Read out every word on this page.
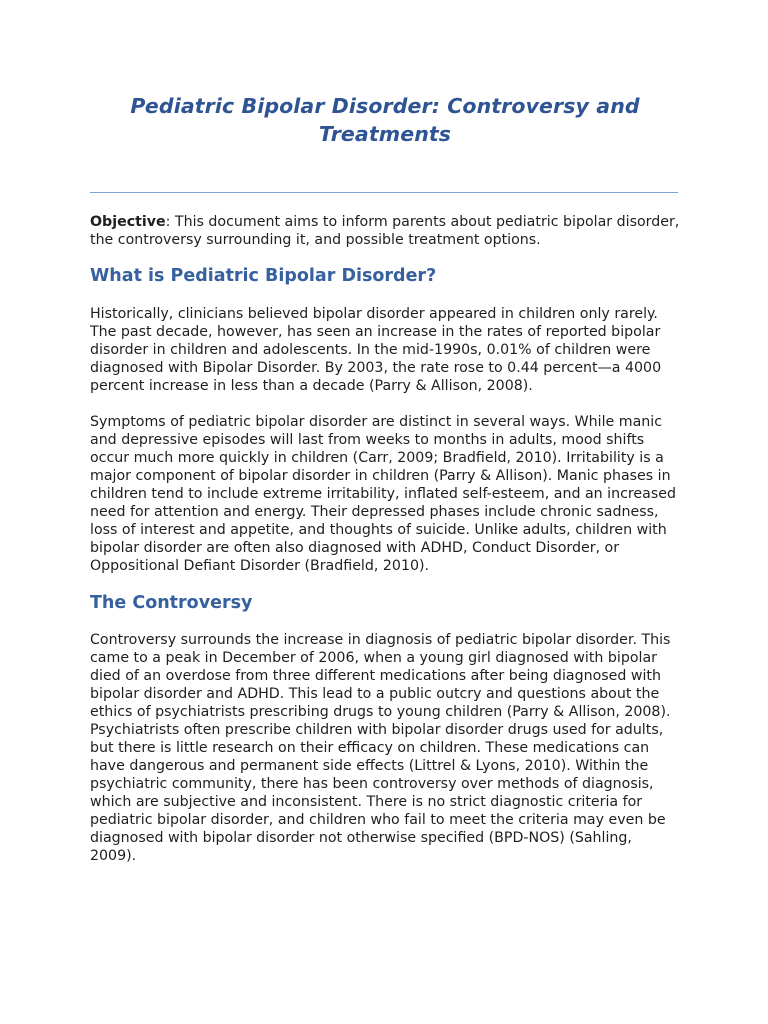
Pediatric Bipolar Disorder: Controversy and Treatments

Objective: This document aims to inform parents about pediatric bipolar disorder, the controversy surrounding it, and possible treatment options.

What is Pediatric Bipolar Disorder?

Historically, clinicians believed bipolar disorder appeared in children only rarely. The past decade, however, has seen an increase in the rates of reported bipolar disorder in children and adolescents. In the mid-1990s, 0.01% of children were diagnosed with Bipolar Disorder. By 2003, the rate rose to 0.44 percent—a 4000 percent increase in less than a decade (Parry & Allison, 2008).

Symptoms of pediatric bipolar disorder are distinct in several ways. While manic and depressive episodes will last from weeks to months in adults, mood shifts occur much more quickly in children (Carr, 2009; Bradfield, 2010). Irritability is a major component of bipolar disorder in children (Parry & Allison). Manic phases in children tend to include extreme irritability, inflated self-esteem, and an increased need for attention and energy. Their depressed phases include chronic sadness, loss of interest and appetite, and thoughts of suicide. Unlike adults, children with bipolar disorder are often also diagnosed with ADHD, Conduct Disorder, or Oppositional Defiant Disorder (Bradfield, 2010).

The Controversy

Controversy surrounds the increase in diagnosis of pediatric bipolar disorder. This came to a peak in December of 2006, when a young girl diagnosed with bipolar died of an overdose from three different medications after being diagnosed with bipolar disorder and ADHD. This lead to a public outcry and questions about the ethics of psychiatrists prescribing drugs to young children (Parry & Allison, 2008). Psychiatrists often prescribe children with bipolar disorder drugs used for adults, but there is little research on their efficacy on children. These medications can have dangerous and permanent side effects (Littrel & Lyons, 2010). Within the psychiatric community, there has been controversy over methods of diagnosis, which are subjective and inconsistent. There is no strict diagnostic criteria for pediatric bipolar disorder, and children who fail to meet the criteria may even be diagnosed with bipolar disorder not otherwise specified (BPD-NOS) (Sahling, 2009).
